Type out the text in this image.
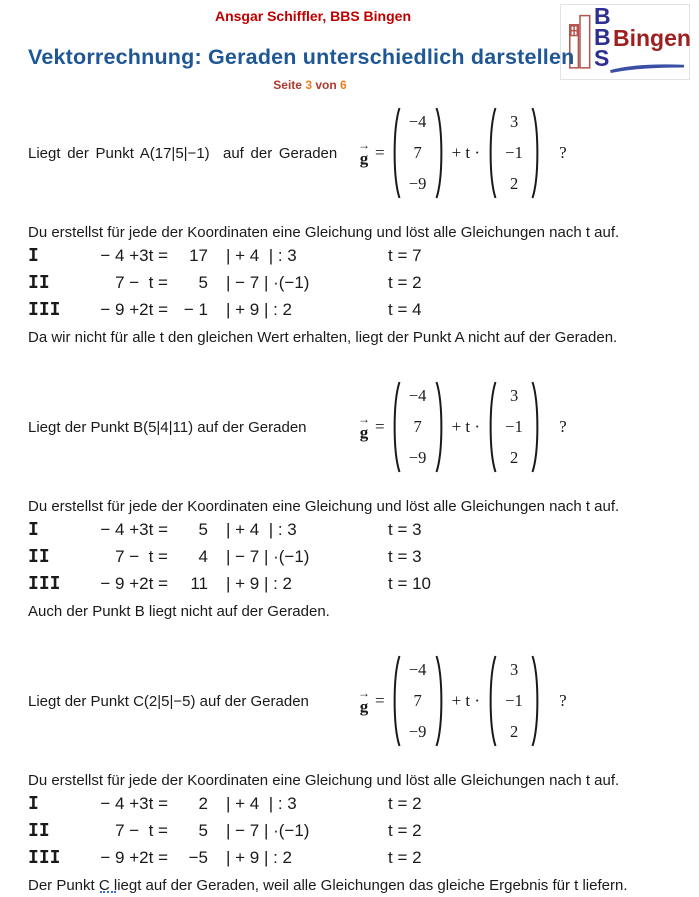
Ansgar Schiffler, BBS Bingen	B
B
S
Bingen
Vektorrechnung: Geraden unterschiedlich darstellen
Seite 3 von 6
Liegt der Punkt A(17|5|−1)  auf der Geraden	→
g =
−4
7
−9
+ t ·
3
−1
2
?

Du erstellst für jede der Koordinaten eine Gleichung und löst alle Gleichungen nach t auf.

I	− 4 +3t =	17 | + 4  | : 3	t = 7
II	7 −  t =	5 | − 7 | ·(−1)	t = 2
III	− 9 +2t = − 1 | + 9 | : 2	t = 4

Da wir nicht für alle t den gleichen Wert erhalten, liegt der Punkt A nicht auf der Geraden.

Liegt der Punkt B(5|4|11) auf der Geraden	→
g =
−4
7
−9
+ t ·
3
−1
2
?

Du erstellst für jede der Koordinaten eine Gleichung und löst alle Gleichungen nach t auf.

I	− 4 +3t =	5 | + 4  | : 3	t = 3
II	7 −  t =	4 | − 7 | ·(−1)	t = 3
III	− 9 +2t =	11 | + 9 | : 2	t = 10

Auch der Punkt B liegt nicht auf der Geraden.

Liegt der Punkt C(2|5|−5) auf der Geraden	→
g =
−4
7
−9
+ t ·
3
−1
2
?

Du erstellst für jede der Koordinaten eine Gleichung und löst alle Gleichungen nach t auf.

I	− 4 +3t =	2 | + 4  | : 3	t = 2
II	7 −  t =	5 | − 7 | ·(−1)	t = 2
III	− 9 +2t =	−5 | + 9 | : 2	t = 2

Der Punkt C liegt auf der Geraden, weil alle Gleichungen das gleiche Ergebnis für t liefern.
